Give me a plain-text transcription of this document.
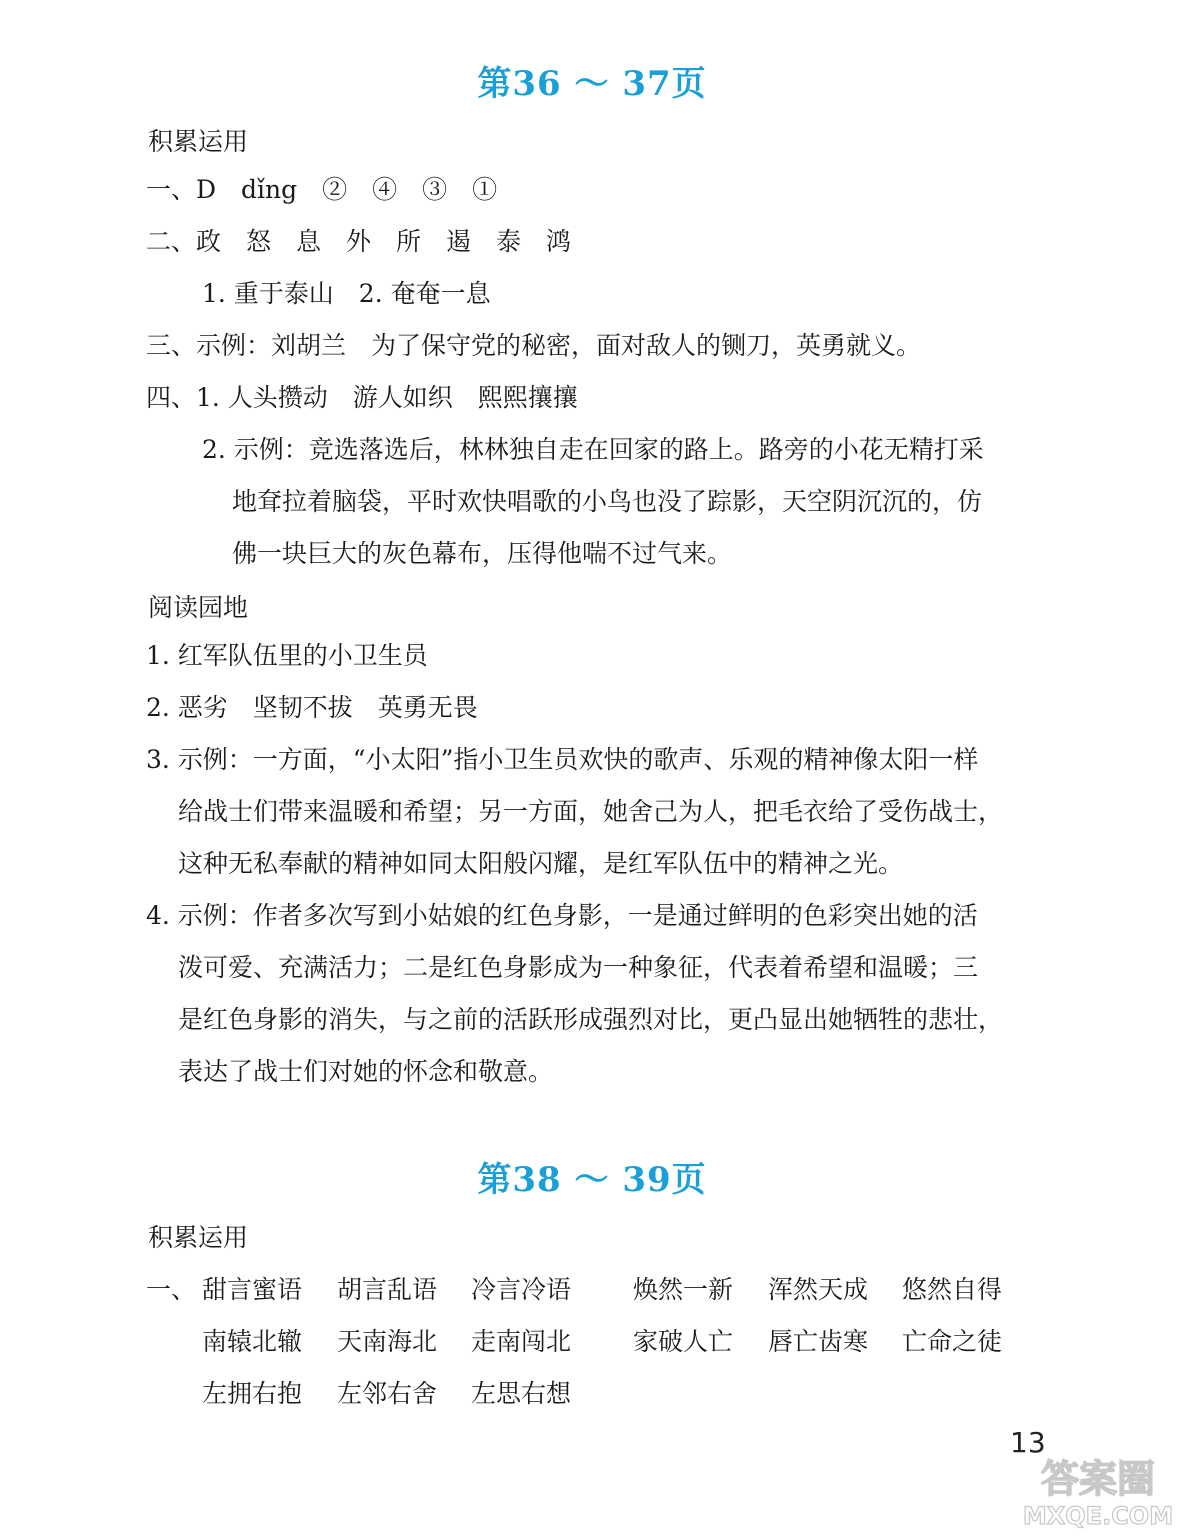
第36 ～ 37页
积累运用
一、D　dǐng　②　④　③　①
二、政　怒　息　外　所　遏　泰　鸿
1. 重于泰山　2. 奄奄一息
三、示例：刘胡兰　为了保守党的秘密，面对敌人的铡刀，英勇就义。
四、1. 人头攒动　游人如织　熙熙攘攘
2. 示例：竞选落选后，林林独自走在回家的路上。路旁的小花无精打采
地耷拉着脑袋，平时欢快唱歌的小鸟也没了踪影，天空阴沉沉的，仿
佛一块巨大的灰色幕布，压得他喘不过气来。
阅读园地
1. 红军队伍里的小卫生员
2. 恶劣　坚韧不拔　英勇无畏
3. 示例：一方面，“小太阳”指小卫生员欢快的歌声、乐观的精神像太阳一样
给战士们带来温暖和希望；另一方面，她舍己为人，把毛衣给了受伤战士，
这种无私奉献的精神如同太阳般闪耀，是红军队伍中的精神之光。
4. 示例：作者多次写到小姑娘的红色身影，一是通过鲜明的色彩突出她的活
泼可爱、充满活力；二是红色身影成为一种象征，代表着希望和温暖；三
是红色身影的消失，与之前的活跃形成强烈对比，更凸显出她牺牲的悲壮，
表达了战士们对她的怀念和敬意。
第38 ～ 39页
积累运用
一、 甜言蜜语 胡言乱语 冷言冷语 焕然一新 浑然天成 悠然自得
南辕北辙 天南海北 走南闯北 家破人亡 唇亡齿寒 亡命之徒
左拥右抱 左邻右舍 左思右想
13
答案圈
MXQE.COM
